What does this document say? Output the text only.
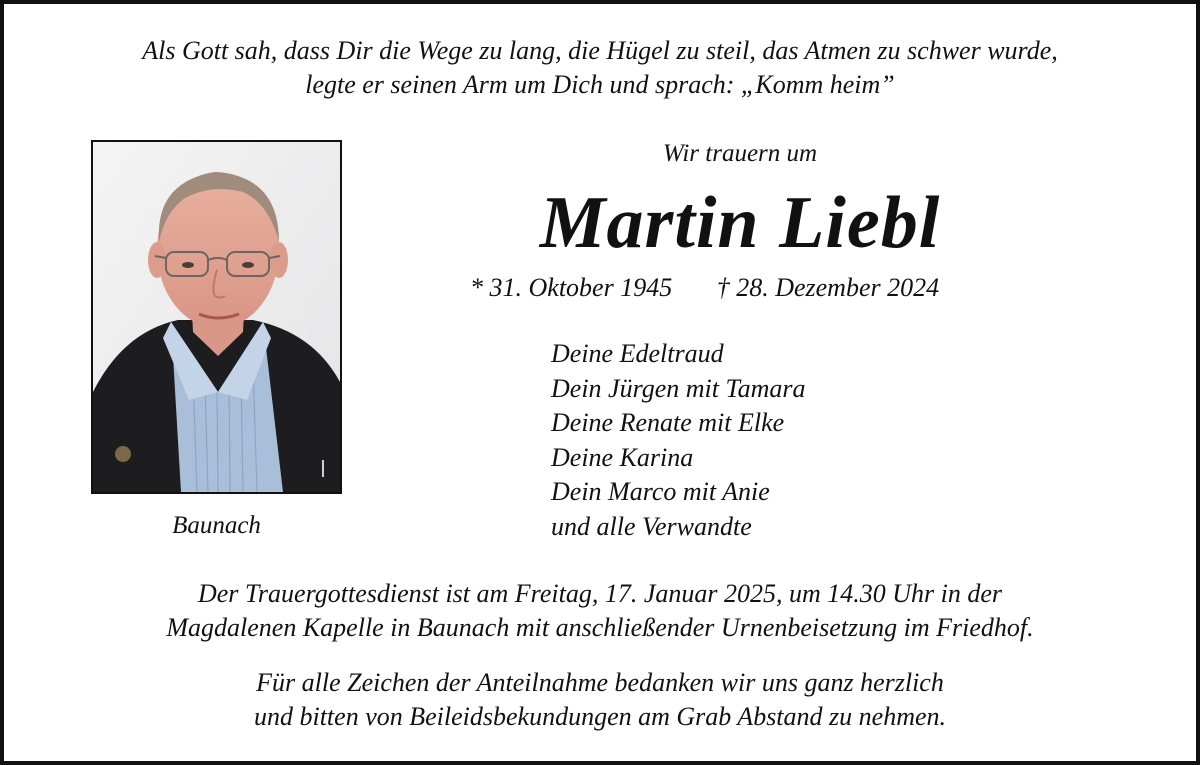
Als Gott sah, dass Dir die Wege zu lang, die Hügel zu steil, das Atmen zu schwer wurde,
legte er seinen Arm um Dich und sprach: „Komm heim”
Baunach
Wir trauern um
Martin Liebl
* 31. Oktober 1945 † 28. Dezember 2024
Deine Edeltraud
Dein Jürgen mit Tamara
Deine Renate mit Elke
Deine Karina
Dein Marco mit Anie
und alle Verwandte
Der Trauergottesdienst ist am Freitag, 17. Januar 2025, um 14.30 Uhr in der
Magdalenen Kapelle in Baunach mit anschließender Urnenbeisetzung im Friedhof.
Für alle Zeichen der Anteilnahme bedanken wir uns ganz herzlich
und bitten von Beileidsbekundungen am Grab Abstand zu nehmen.
